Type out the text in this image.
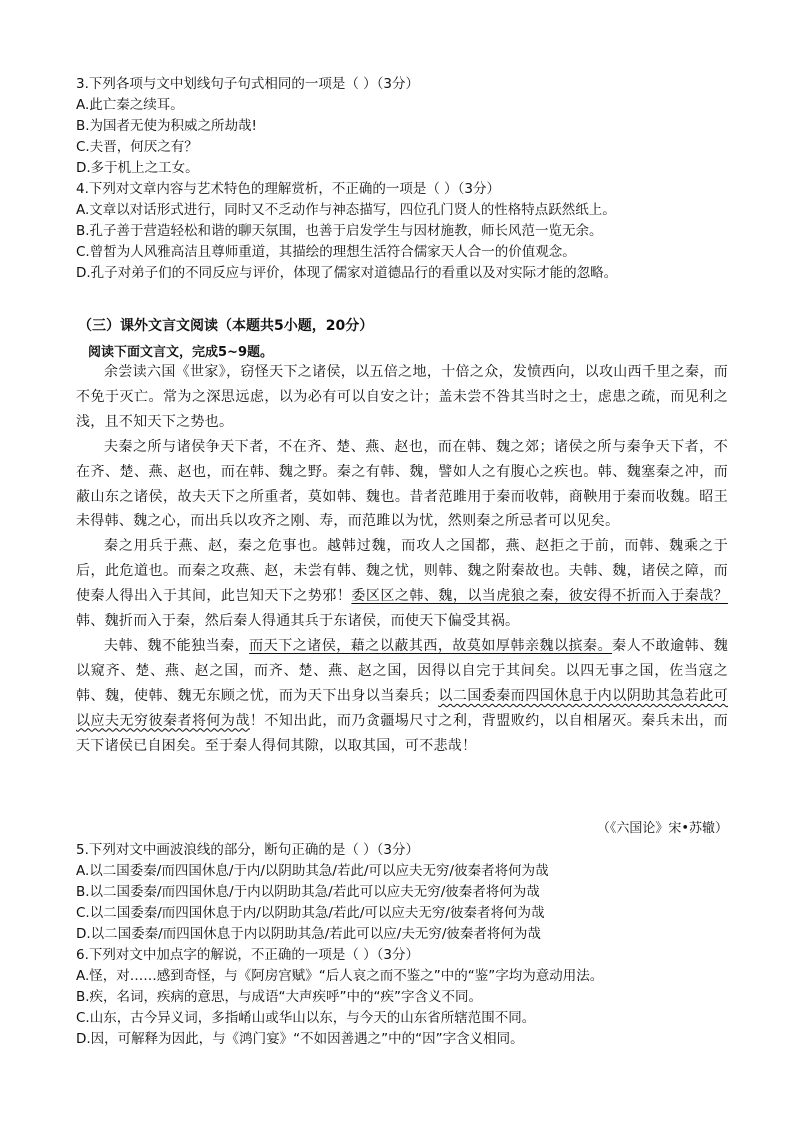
3.下列各项与文中划线句子句式相同的一项是（ ）（3分）
A.此亡秦之续耳。
B.为国者无使为积威之所劫哉!
C.夫晋，何厌之有？
D.多于机上之工女。
4.下列对文章内容与艺术特色的理解赏析，不正确的一项是（ ）（3分）
A.文章以对话形式进行，同时又不乏动作与神态描写，四位孔门贤人的性格特点跃然纸上。
B.孔子善于营造轻松和谐的聊天氛围，也善于启发学生与因材施教，师长风范一览无余。
C.曾皙为人风雅高洁且尊师重道，其描绘的理想生活符合儒家天人合一的价值观念。
D.孔子对弟子们的不同反应与评价，体现了儒家对道德品行的看重以及对实际才能的忽略。
（三）课外文言文阅读（本题共5小题，20分）
阅读下面文言文，完成5~9题。

余尝读六国《世家》，窃怪天下之诸侯，以五倍之地，十倍之众，发愤西向，以攻山西千里之秦，而不免于灭亡。常为之深思远虑，以为必有可以自安之计；盖未尝不咎其当时之士，虑患之疏，而见利之浅，且不知天下之势也。

夫秦之所与诸侯争天下者，不在齐、楚、燕、赵也，而在韩、魏之郊；诸侯之所与秦争天下者，不在齐、楚、燕、赵也，而在韩、魏之野。秦之有韩、魏，譬如人之有腹心之疾也。韩、魏塞秦之冲，而蔽山东之诸侯，故夫天下之所重者，莫如韩、魏也。昔者范雎用于秦而收韩，商鞅用于秦而收魏。昭王未得韩、魏之心，而出兵以攻齐之刚、寿，而范雎以为忧，然则秦之所忌者可以见矣。

秦之用兵于燕、赵，秦之危事也。越韩过魏，而攻人之国都，燕、赵拒之于前，而韩、魏乘之于后，此危道也。而秦之攻燕、赵，未尝有韩、魏之忧，则韩、魏之附秦故也。夫韩、魏，诸侯之障，而使秦人得出入于其间，此岂知天下之势邪！委区区之韩、魏，以当虎狼之秦，彼安得不折而入于秦哉？韩、魏折而入于秦，然后秦人得通其兵于东诸侯，而使天下偏受其祸。

夫韩、魏不能独当秦，而天下之诸侯，藉之以蔽其西，故莫如厚韩亲魏以摈秦。秦人不敢逾韩、魏以窥齐、楚、燕、赵之国，而齐、楚、燕、赵之国，因得以自完于其间矣。以四无事之国，佐当寇之韩、魏，使韩、魏无东顾之忧，而为天下出身以当秦兵；以二国委秦而四国休息于内以阴助其急若此可以应夫无穷彼秦者将何为哉！不知出此，而乃贪疆埸尺寸之利，背盟败约，以自相屠灭。秦兵未出，而天下诸侯已自困矣。至于秦人得伺其隙，以取其国，可不悲哉！

（《六国论》宋•苏辙）
5.下列对文中画波浪线的部分，断句正确的是（ ）（3分）
A.以二国委秦/而四国休息/于内/以阴助其急/若此/可以应夫无穷/彼秦者将何为哉
B.以二国委秦/而四国休息/于内以阴助其急/若此可以应夫无穷/彼秦者将何为哉
C.以二国委秦/而四国休息于内/以阴助其急/若此/可以应夫无穷/彼秦者将何为哉
D.以二国委秦/而四国休息于内以阴助其急/若此可以应/夫无穷/彼秦者将何为哉
6.下列对文中加点字的解说，不正确的一项是（ ）（3分）
A.怪，对……感到奇怪，与《阿房宫赋》“后人哀之而不鉴之”中的“鉴”字均为意动用法。
B.疾，名词，疾病的意思，与成语“大声疾呼”中的“疾”字含义不同。
C.山东，古今异义词，多指崤山或华山以东，与今天的山东省所辖范围不同。
D.因，可解释为因此，与《鸿门宴》“不如因善遇之”中的“因”字含义相同。
